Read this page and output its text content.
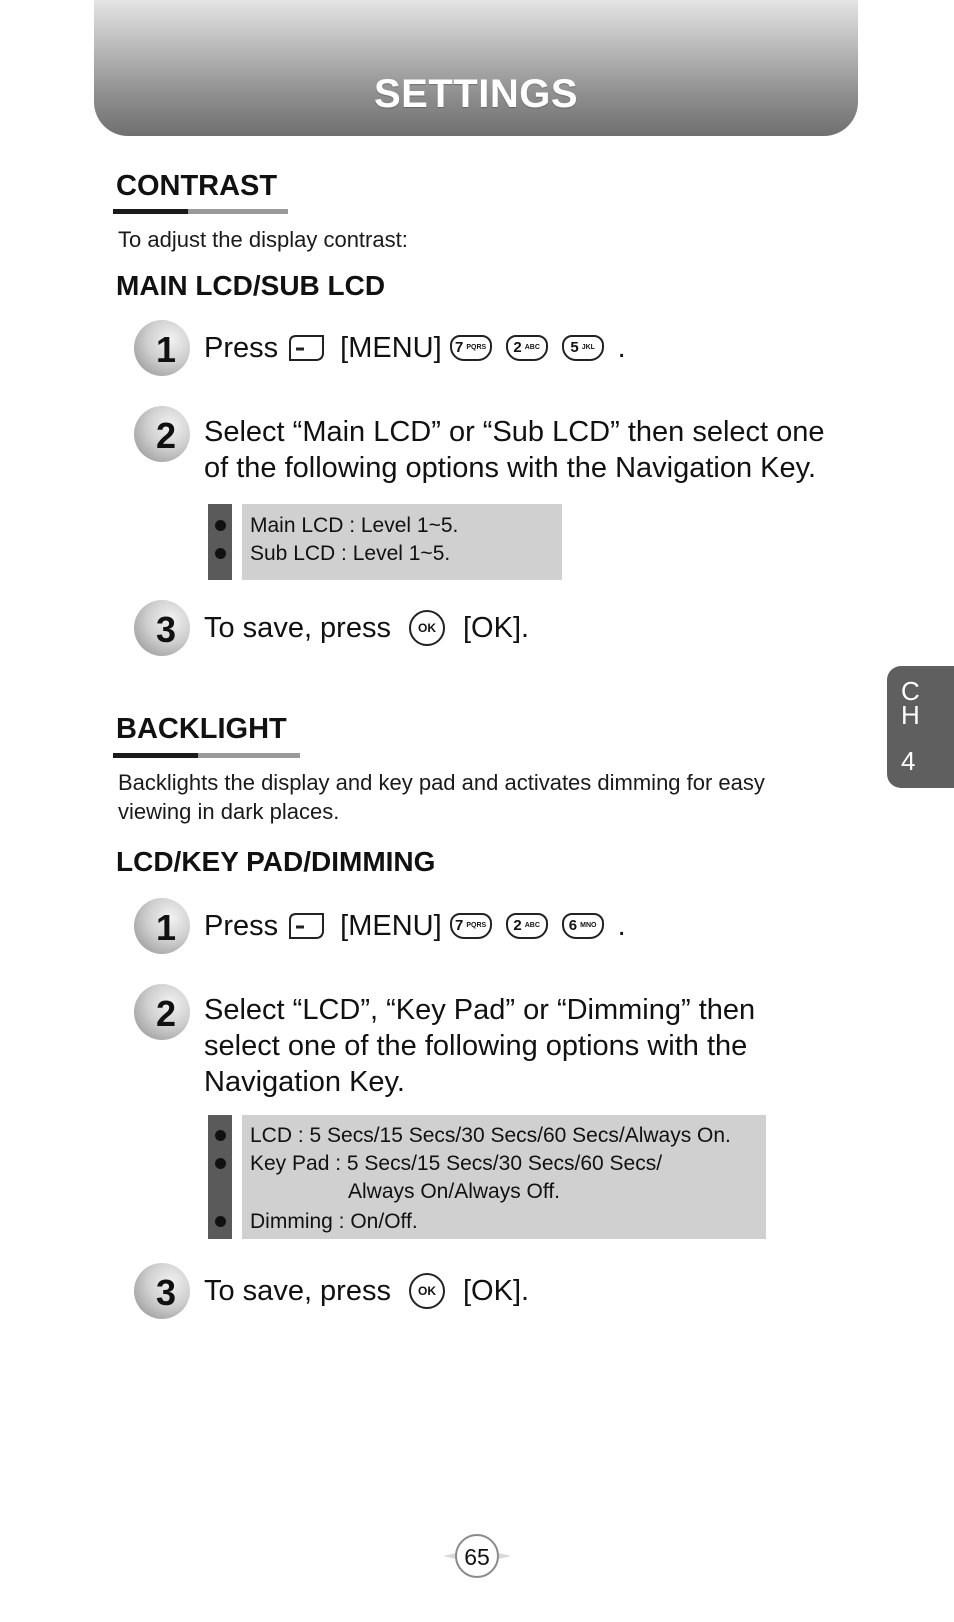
SETTINGS
CONTRAST
To adjust the display contrast:
MAIN LCD/SUB LCD
1 Press [MENU] 7 PQRS 2 ABC 5 JKL .
2 Select “Main LCD” or “Sub LCD” then select one
of the following options with the Navigation Key.
Main LCD : Level 1~5.
Sub LCD : Level 1~5.
3 To save, press	OK [OK].
BACKLIGHT
Backlights the display and key pad and activates dimming for easy
viewing in dark places.
LCD/KEY PAD/DIMMING
1 Press [MENU] 7 PQRS 2 ABC 6 MNO .
2 Select “LCD”, “Key Pad” or “Dimming” then
select one of the following options with the
Navigation Key.
LCD : 5 Secs/15 Secs/30 Secs/60 Secs/Always On.
Key Pad : 5 Secs/15 Secs/30 Secs/60 Secs/
Always On/Always Off.
Dimming : On/Off.
3 To save, press	OK [OK].
C
H
4
65
